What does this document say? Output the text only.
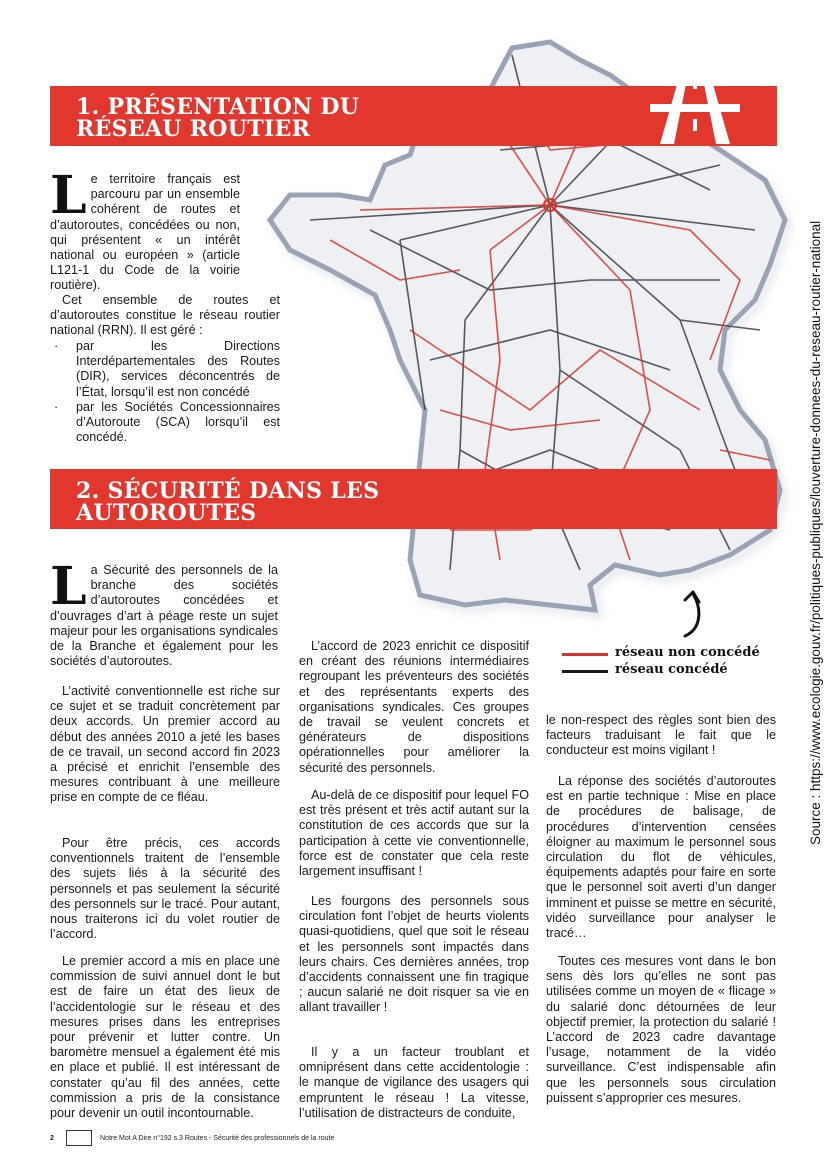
1. PRÉSENTATION DU
RÉSEAU ROUTIER

Le territoire français est parcouru par un ensemble cohérent de routes et d’autoroutes, concédées ou non, qui présentent « un intérêt national ou européen » (article L121-1 du Code de la voirie routière).

Cet ensemble de routes et d’autoroutes constitue le réseau routier national (RRN). Il est géré :

· par les Directions Interdépartementales des Routes (DIR), services déconcentrés de l’État, lorsqu’il est non concédé
· par les Sociétés Concessionnaires d’Autoroute (SCA) lorsqu’il est concédé.
2. SÉCURITÉ DANS LES
AUTOROUTES
réseau non concédé
réseau concédé

La Sécurité des personnels de la branche des sociétés d’autoroutes concédées et d’ouvrages d’art à péage reste un sujet majeur pour les organisations syndicales de la Branche et également pour les sociétés d’autoroutes.

L’activité conventionnelle est riche sur ce sujet et se traduit concrètement par deux accords. Un premier accord au début des années 2010 a jeté les bases de ce travail, un second accord fin 2023 a précisé et enrichit l’ensemble des mesures contribuant à une meilleure prise en compte de ce fléau.

Pour être précis, ces accords conventionnels traitent de l’ensemble des sujets liés à la sécurité des personnels et pas seulement la sécurité des personnels sur le tracé. Pour autant, nous traiterons ici du volet routier de l’accord.

Le premier accord a mis en place une commission de suivi annuel dont le but est de faire un état des lieux de l’accidentologie sur le réseau et des mesures prises dans les entreprises pour prévenir et lutter contre. Un baromètre mensuel a également été mis en place et publié. Il est intéressant de constater qu’au fil des années, cette commission a pris de la consistance pour devenir un outil incontournable.

L’accord de 2023 enrichit ce dispositif en créant des réunions intermédiaires regroupant les préventeurs des sociétés et des représentants experts des organisations syndicales. Ces groupes de travail se veulent concrets et générateurs de dispositions opérationnelles pour améliorer la sécurité des personnels.

Au-delà de ce dispositif pour lequel FO est très présent et très actif autant sur la constitution de ces accords que sur la participation à cette vie conventionnelle, force est de constater que cela reste largement insuffisant !

Les fourgons des personnels sous circulation font l’objet de heurts violents quasi-quotidiens, quel que soit le réseau et les personnels sont impactés dans leurs chairs. Ces dernières années, trop d’accidents connaissent une fin tragique ; aucun salarié ne doit risquer sa vie en allant travailler !

Il y a un facteur troublant et omniprésent dans cette accidentologie : le manque de vigilance des usagers qui empruntent le réseau ! La vitesse, l’utilisation de distracteurs de conduite,

le non-respect des règles sont bien des facteurs traduisant le fait que le conducteur est moins vigilant !

La réponse des sociétés d’autoroutes est en partie technique : Mise en place de procédures de balisage, de procédures d’intervention censées éloigner au maximum le personnel sous circulation du flot de véhicules, équipements adaptés pour faire en sorte que le personnel soit averti d’un danger imminent et puisse se mettre en sécurité, vidéo surveillance pour analyser le tracé…

Toutes ces mesures vont dans le bon sens dès lors qu’elles ne sont pas utilisées comme un moyen de « flicage » du salarié donc détournées de leur objectif premier, la protection du salarié ! L’accord de 2023 cadre davantage l’usage, notamment de la vidéo surveillance. C’est indispensable afin que les personnels sous circulation puissent s’approprier ces mesures.

Source : https://www.ecologie.gouv.fr/politiques-publiques/louverture-donnees-du-reseau-routier-national
2	Notre Mot A Dire n°192 s.3 Routes - Sécurité des professionnels de la route
